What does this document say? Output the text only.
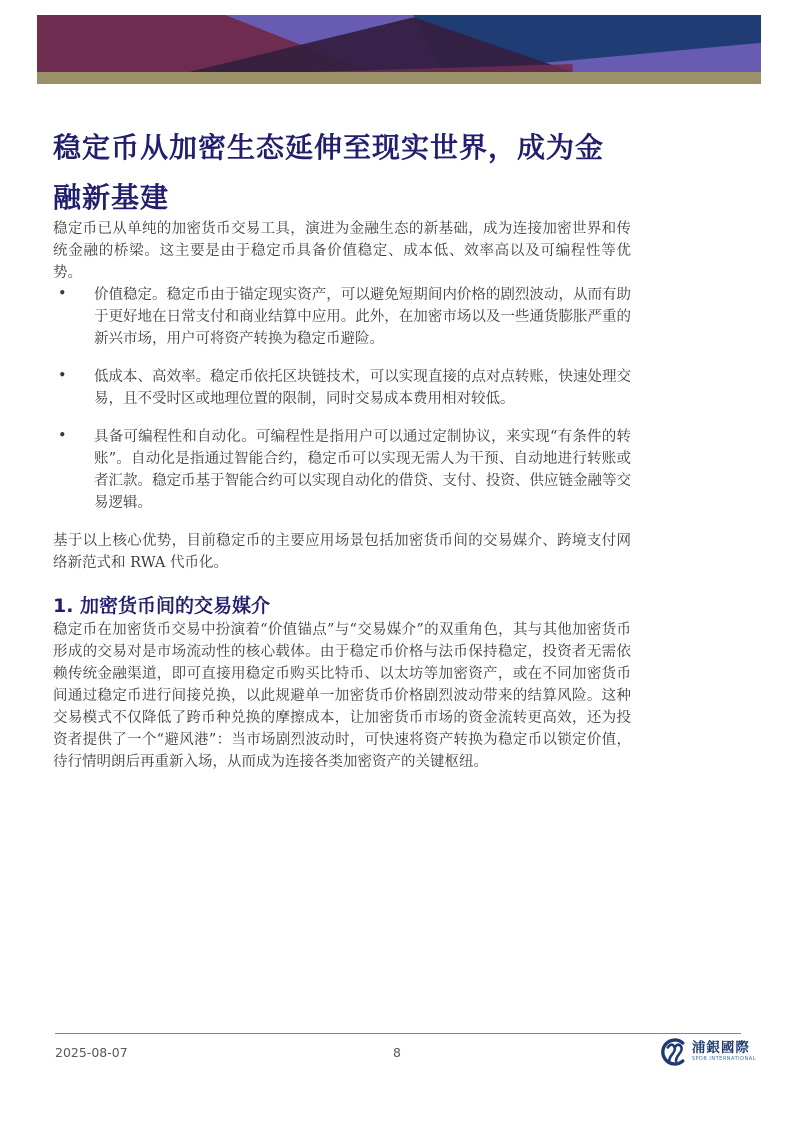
稳定币从加密生态延伸至现实世界，成为金融新基建

稳定币已从单纯的加密货币交易工具，演进为金融生态的新基础，成为连接加密世界和传统金融的桥梁。这主要是由于稳定币具备价值稳定、成本低、效率高以及可编程性等优势。

• 价值稳定。稳定币由于锚定现实资产，可以避免短期间内价格的剧烈波动，从而有助于更好地在日常支付和商业结算中应用。此外，在加密市场以及一些通货膨胀严重的新兴市场，用户可将资产转换为稳定币避险。
• 低成本、高效率。稳定币依托区块链技术，可以实现直接的点对点转账，快速处理交易，且不受时区或地理位置的限制，同时交易成本费用相对较低。
• 具备可编程性和自动化。可编程性是指用户可以通过定制协议，来实现“有条件的转账”。自动化是指通过智能合约，稳定币可以实现无需人为干预、自动地进行转账或者汇款。稳定币基于智能合约可以实现自动化的借贷、支付、投资、供应链金融等交易逻辑。

基于以上核心优势，目前稳定币的主要应用场景包括加密货币间的交易媒介、跨境支付网络新范式和 RWA 代币化。

1. 加密货币间的交易媒介

稳定币在加密货币交易中扮演着“价值锚点”与“交易媒介”的双重角色，其与其他加密货币形成的交易对是市场流动性的核心载体。由于稳定币价格与法币保持稳定，投资者无需依赖传统金融渠道，即可直接用稳定币购买比特币、以太坊等加密资产，或在不同加密货币间通过稳定币进行间接兑换，以此规避单一加密货币价格剧烈波动带来的结算风险。这种交易模式不仅降低了跨币种兑换的摩擦成本，让加密货币市场的资金流转更高效，还为投资者提供了一个“避风港”：当市场剧烈波动时，可快速将资产转换为稳定币以锁定价值，待行情明朗后再重新入场，从而成为连接各类加密资产的关键枢纽。

2025-08-07	8	浦銀國際
SPDB INTERNATIONAL
